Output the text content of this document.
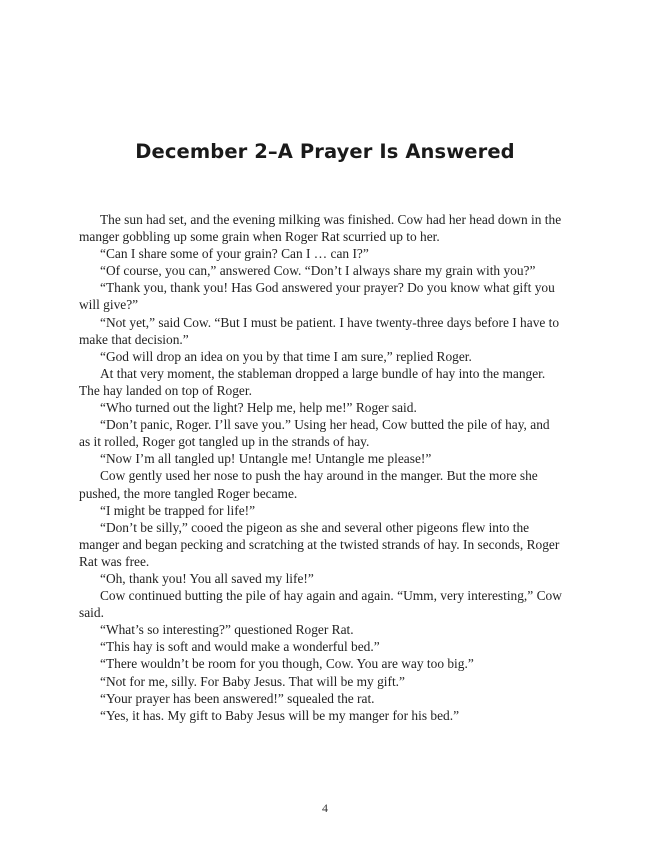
December 2–A Prayer Is Answered

The sun had set, and the evening milking was finished. Cow had her head down in the manger gobbling up some grain when Roger Rat scurried up to her.

“Can I share some of your grain? Can I … can I?”

“Of course, you can,” answered Cow. “Don’t I always share my grain with you?”

“Thank you, thank you! Has God answered your prayer? Do you know what gift you will give?”

“Not yet,” said Cow. “But I must be patient. I have twenty-three days before I have to make that decision.”

“God will drop an idea on you by that time I am sure,” replied Roger.

At that very moment, the stableman dropped a large bundle of hay into the manger. The hay landed on top of Roger.

“Who turned out the light? Help me, help me!” Roger said.

“Don’t panic, Roger. I’ll save you.” Using her head, Cow butted the pile of hay, and as it rolled, Roger got tangled up in the strands of hay.

“Now I’m all tangled up! Untangle me! Untangle me please!”

Cow gently used her nose to push the hay around in the manger. But the more she pushed, the more tangled Roger became.

“I might be trapped for life!”

“Don’t be silly,” cooed the pigeon as she and several other pigeons flew into the manger and began pecking and scratching at the twisted strands of hay. In seconds, Roger Rat was free.

“Oh, thank you! You all saved my life!”

Cow continued butting the pile of hay again and again. “Umm, very interesting,” Cow said.

“What’s so interesting?” questioned Roger Rat.

“This hay is soft and would make a wonderful bed.”

“There wouldn’t be room for you though, Cow. You are way too big.”

“Not for me, silly. For Baby Jesus. That will be my gift.”

“Your prayer has been answered!” squealed the rat.

“Yes, it has. My gift to Baby Jesus will be my manger for his bed.”

4
